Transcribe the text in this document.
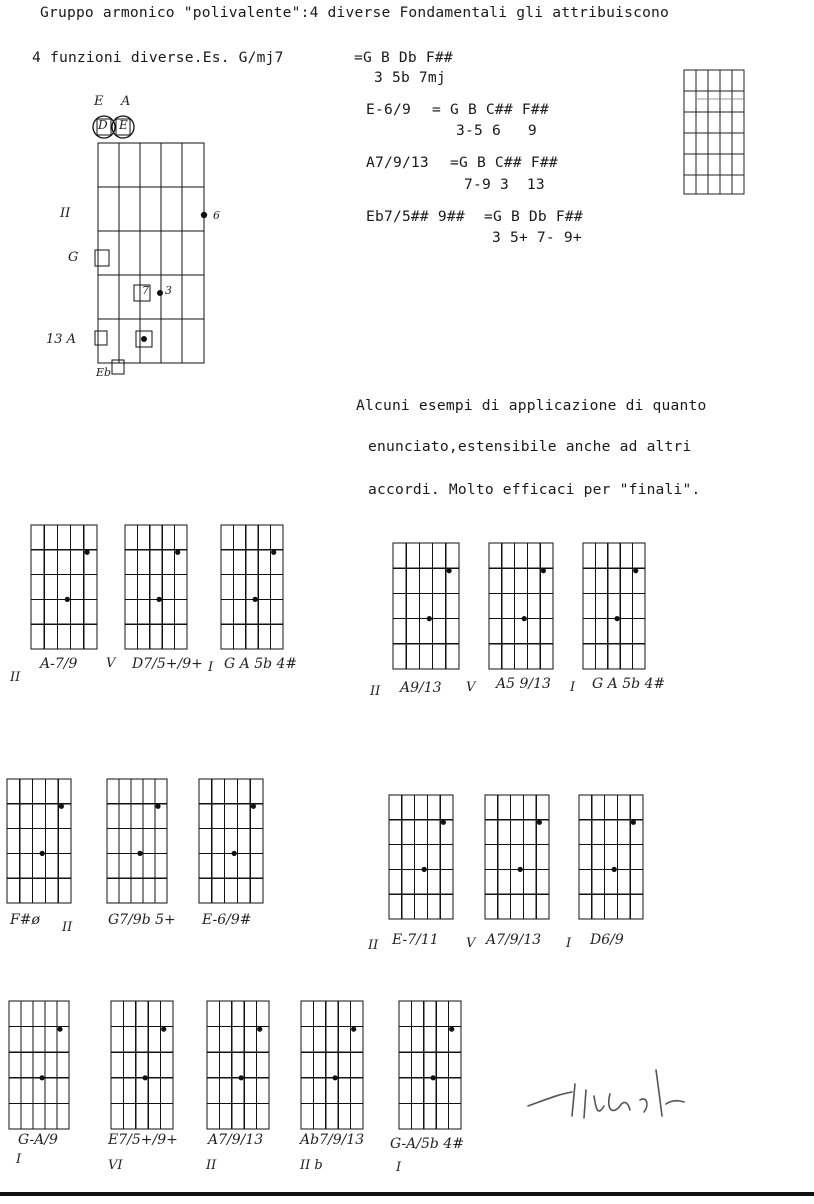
Gruppo armonico "polivalente":4 diverse Fondamentali gli attribuiscono
4 funzioni diverse.Es. G/mj7	=G B Db F##
3 5b 7mj
E-6/9 = G B C## F##
3-5 6   9
A7/9/13 =G B C## F##
7-9 3  13
Eb7/5## 9## =G B Db F##
3 5+ 7- 9+
Alcuni esempi di applicazione di quanto
enunciato,estensibile anche ad altri
accordi. Molto efficaci per "finali".
E A
D E
II
G
13 A
6
7 3
Eb
A-7/9
II
D7/5+/9+
V	G A 5b 4#
I
A9/13
II	A5 9/13
V	G A 5b 4#
I
F#ø II	G7/9b 5+ E-6/9#
E-7/11
II	A7/9/13
V	D6/9
I
G-A/9
I
E7/5+/9+
VI
A7/9/13
II
Ab7/9/13
II b
G-A/5b 4#
I
